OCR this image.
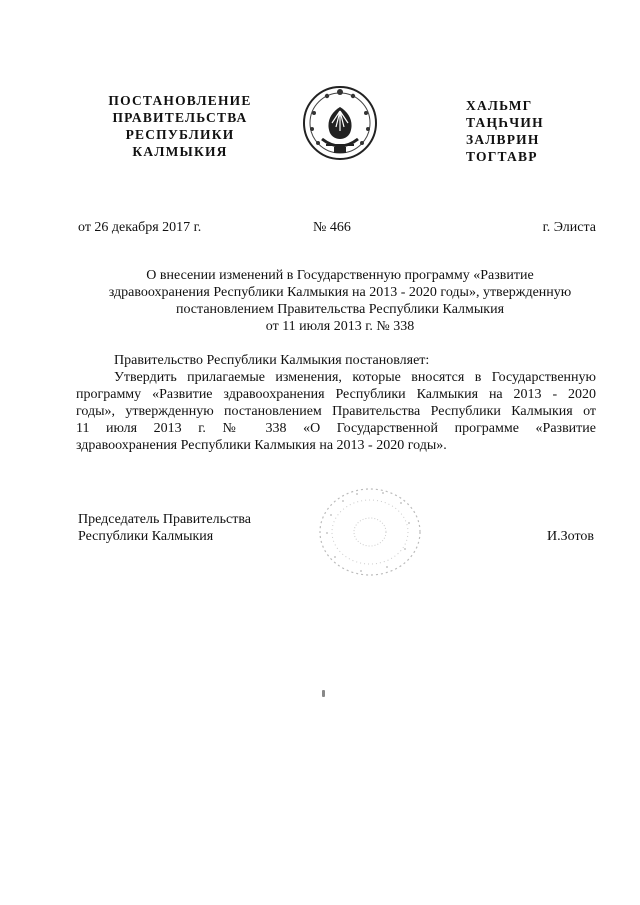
ПОСТАНОВЛЕНИЕ
ПРАВИТЕЛЬСТВА
РЕСПУБЛИКИ
КАЛМЫКИЯ
ХАЛЬМГ
ТАҢҺЧИН
ЗАЛВРИН
ТОГТАВР
от 26 декабря 2017 г.	№ 466	г. Элиста
О внесении изменений в Государственную программу «Развитие
здравоохранения Республики Калмыкия на 2013 - 2020 годы», утвержденную
постановлением Правительства Республики Калмыкия
от 11 июля 2013 г. № 338
Правительство Республики Калмыкия постановляет:
Утвердить прилагаемые изменения, которые вносятся в Государственную
программу «Развитие здравоохранения Республики Калмыкия на 2013 - 2020
годы», утвержденную постановлением Правительства Республики Калмыкия от
11 июля 2013 г. № 338 «О Государственной программе «Развитие
здравоохранения Республики Калмыкия на 2013 - 2020 годы».
Председатель Правительства
Республики Калмыкия	И.Зотов
